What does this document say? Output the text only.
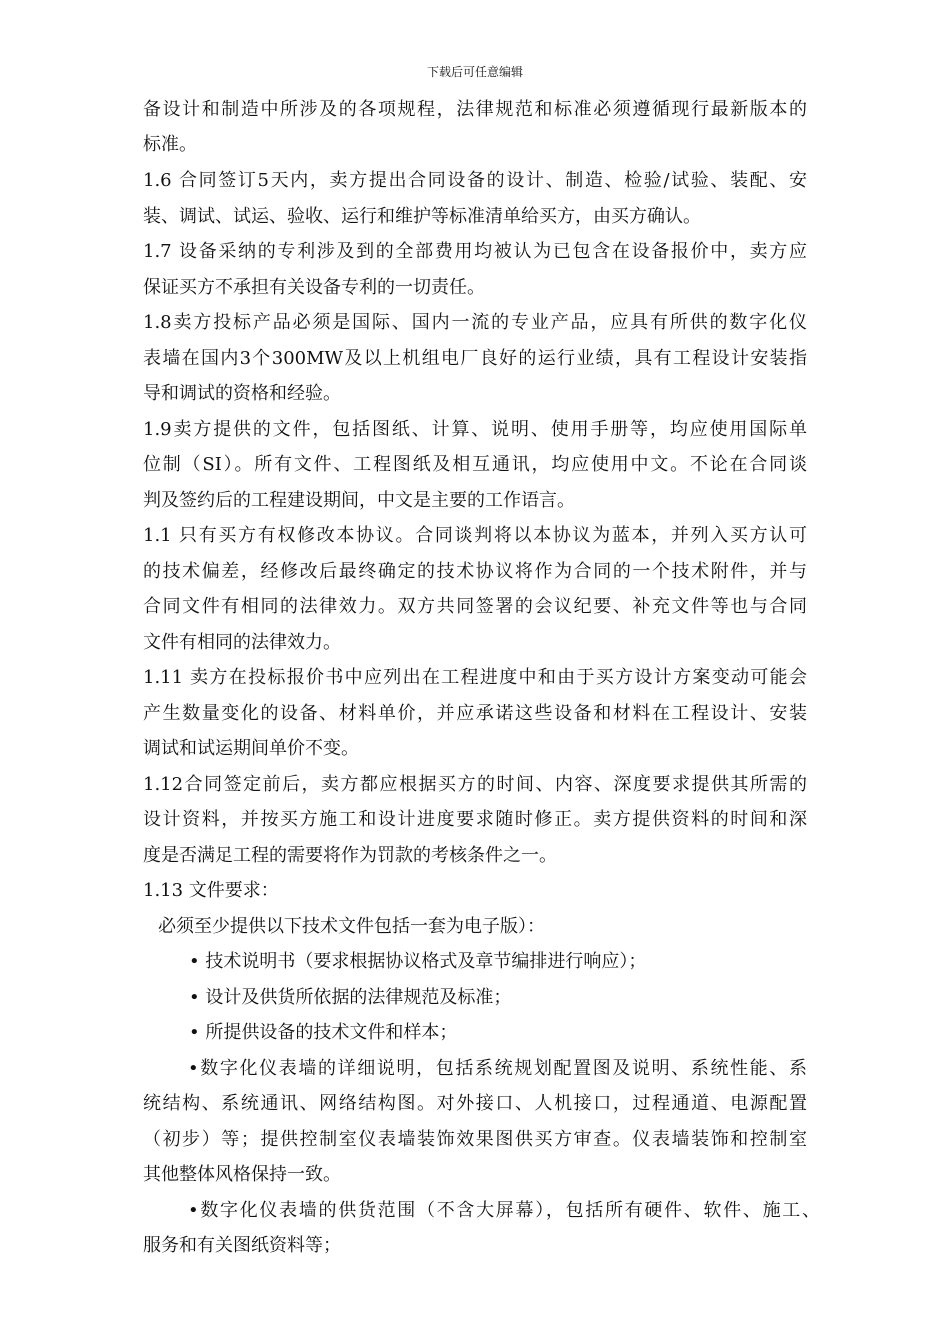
下载后可任意编辑
备设计和制造中所涉及的各项规程，法律规范和标准必须遵循现行最新版本的
标准。
1.6 合同签订5天内，卖方提出合同设备的设计、制造、检验/试验、装配、安
装、调试、试运、验收、运行和维护等标准清单给买方，由买方确认。
1.7 设备采纳的专利涉及到的全部费用均被认为已包含在设备报价中，卖方应
保证买方不承担有关设备专利的一切责任。
1.8卖方投标产品必须是国际、国内一流的专业产品，应具有所供的数字化仪
表墙在国内3个300MW及以上机组电厂良好的运行业绩，具有工程设计安装指
导和调试的资格和经验。
1.9卖方提供的文件，包括图纸、计算、说明、使用手册等，均应使用国际单
位制（SI）。所有文件、工程图纸及相互通讯，均应使用中文。不论在合同谈
判及签约后的工程建设期间，中文是主要的工作语言。
1.1 只有买方有权修改本协议。合同谈判将以本协议为蓝本，并列入买方认可
的技术偏差，经修改后最终确定的技术协议将作为合同的一个技术附件，并与
合同文件有相同的法律效力。双方共同签署的会议纪要、补充文件等也与合同
文件有相同的法律效力。
1.11 卖方在投标报价书中应列出在工程进度中和由于买方设计方案变动可能会
产生数量变化的设备、材料单价，并应承诺这些设备和材料在工程设计、安装
调试和试运期间单价不变。
1.12合同签定前后，卖方都应根据买方的时间、内容、深度要求提供其所需的
设计资料，并按买方施工和设计进度要求随时修正。卖方提供资料的时间和深
度是否满足工程的需要将作为罚款的考核条件之一。
1.13 文件要求：
必须至少提供以下技术文件包括一套为电子版）：
• 技术说明书（要求根据协议格式及章节编排进行响应）；
• 设计及供货所依据的法律规范及标准；
• 所提供设备的技术文件和样本；
•数字化仪表墙的详细说明，包括系统规划配置图及说明、系统性能、系
统结构、系统通讯、网络结构图。对外接口、人机接口，过程通道、电源配置
（初步）等；提供控制室仪表墙装饰效果图供买方审查。仪表墙装饰和控制室
其他整体风格保持一致。
•数字化仪表墙的供货范围（不含大屏幕），包括所有硬件、软件、施工、
服务和有关图纸资料等；
